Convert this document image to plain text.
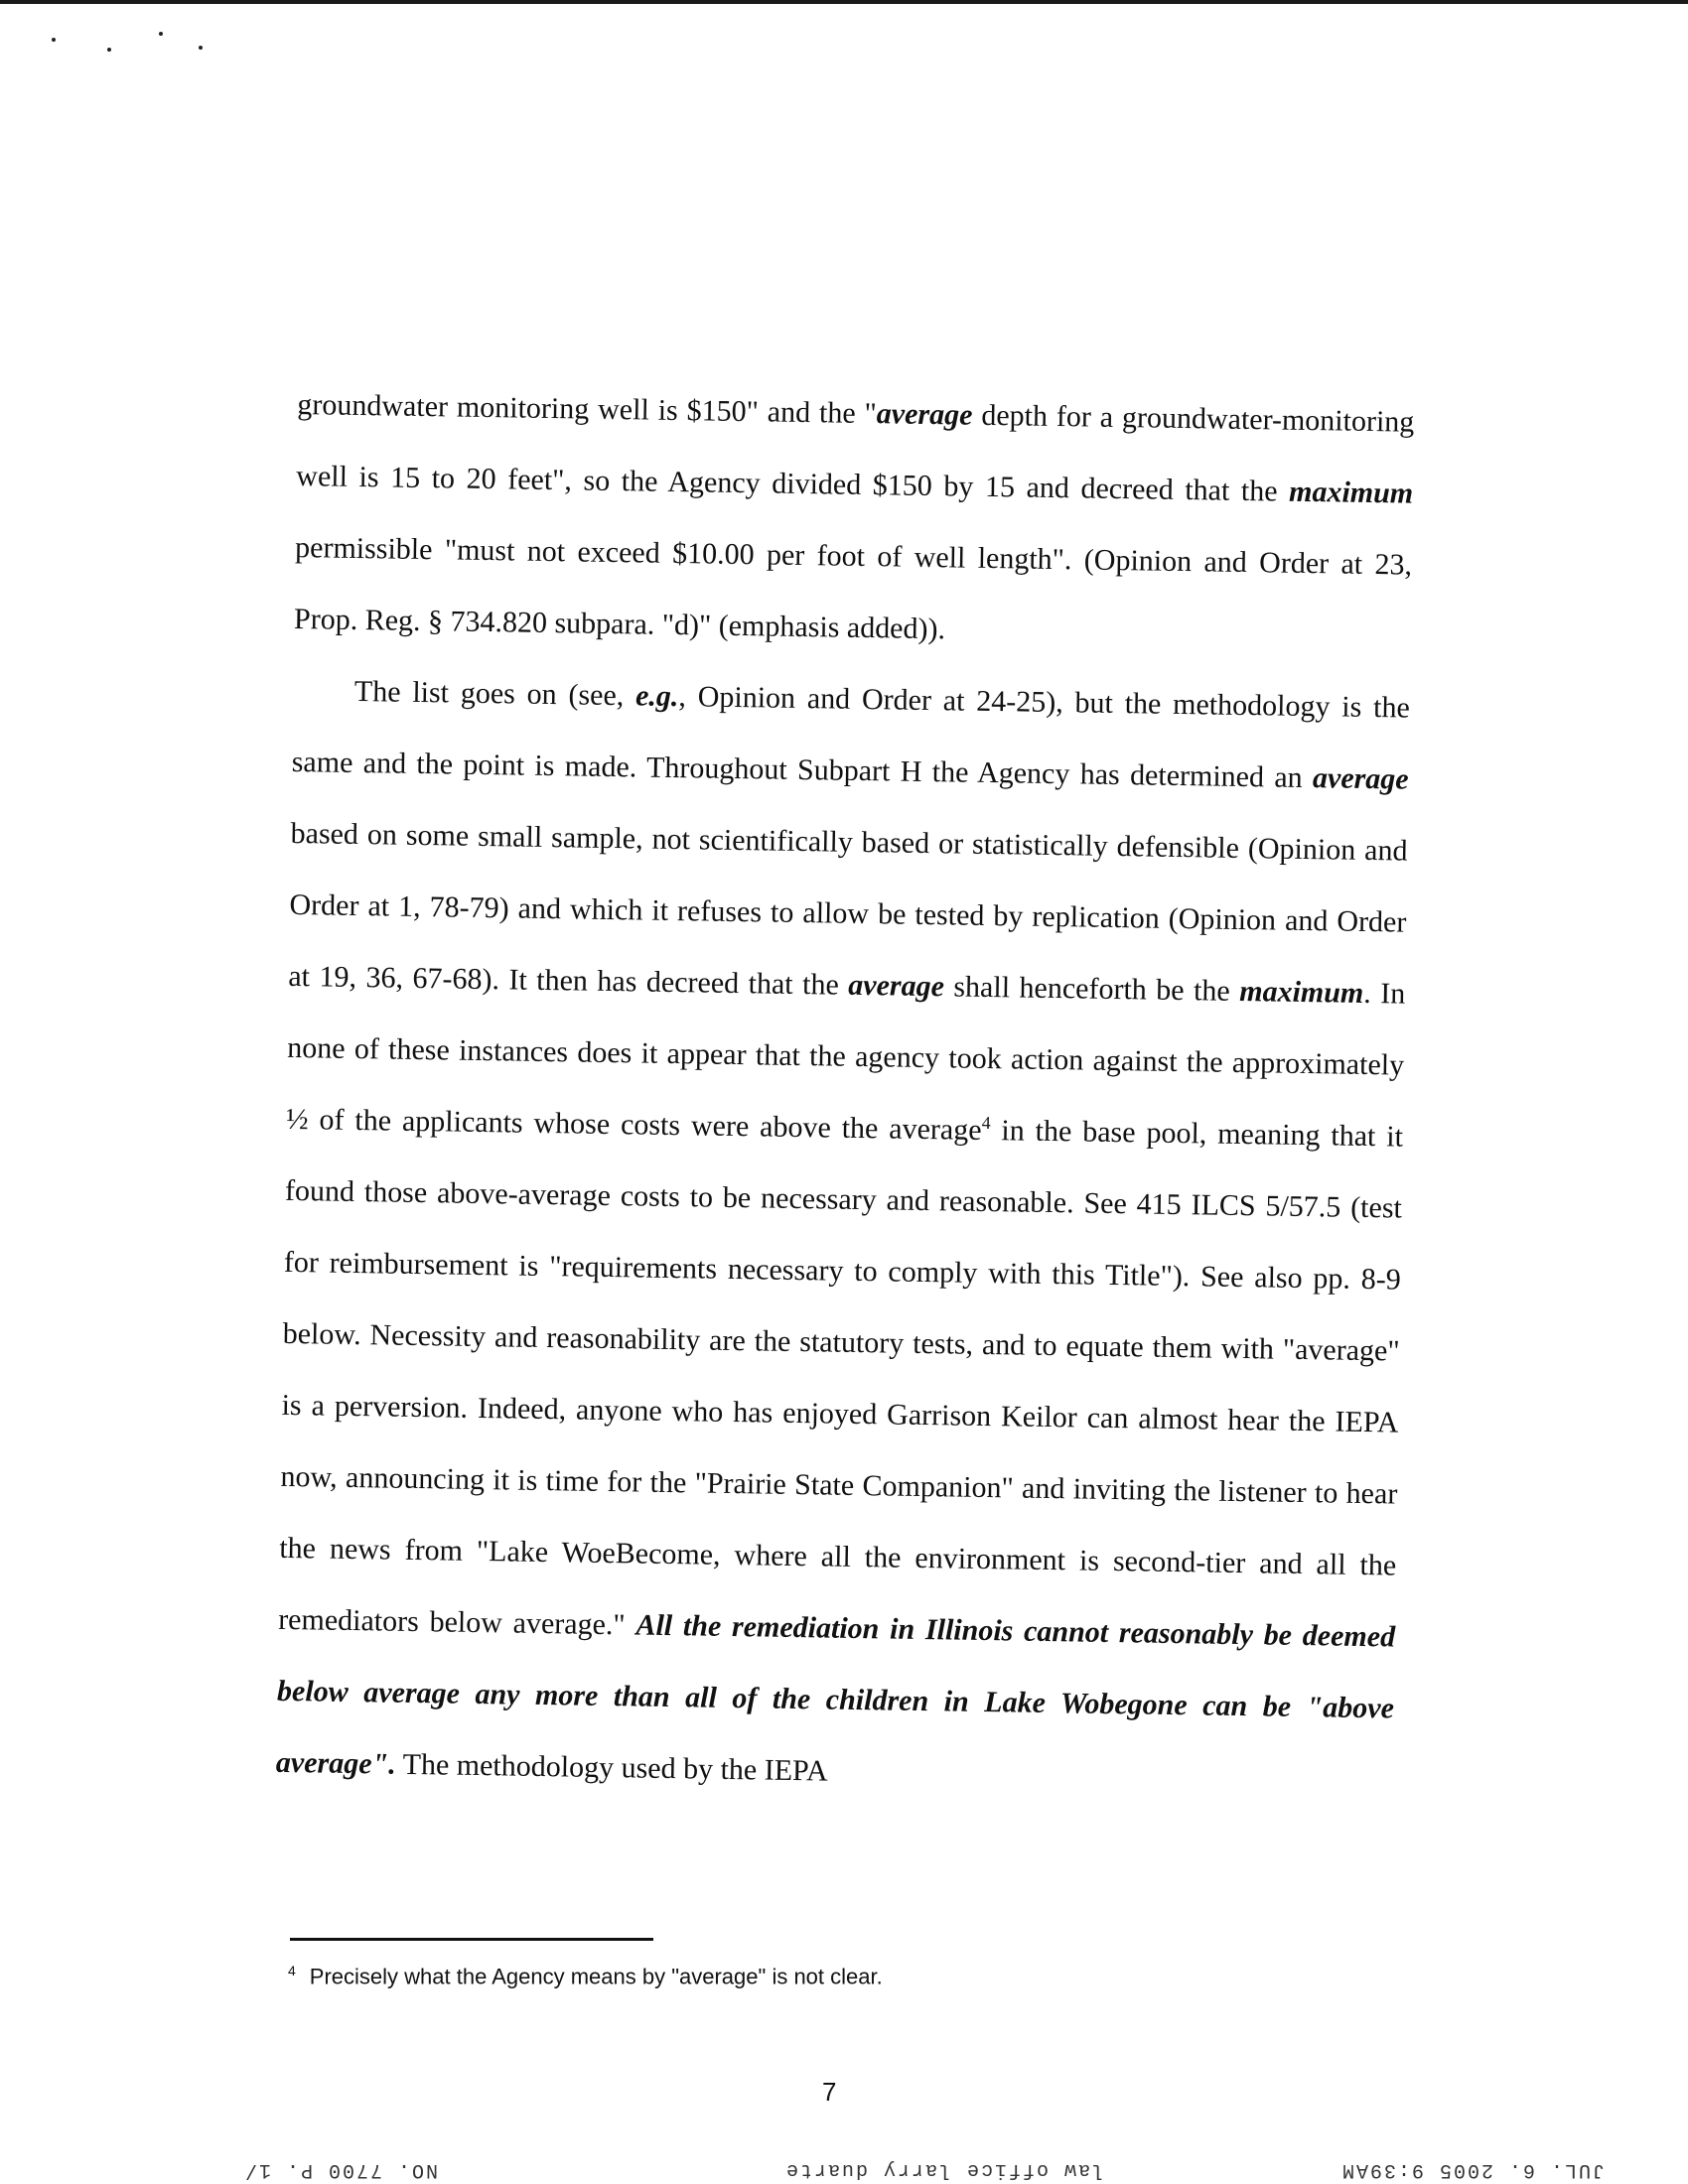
groundwater monitoring well is $150" and the "average depth for a groundwater-monitoring well is 15 to 20 feet", so the Agency divided $150 by 15 and decreed that the maximum permissible "must not exceed $10.00 per foot of well length". (Opinion and Order at 23, Prop. Reg. § 734.820 subpara. "d)" (emphasis added)).

The list goes on (see, e.g., Opinion and Order at 24-25), but the methodology is the same and the point is made. Throughout Subpart H the Agency has determined an average based on some small sample, not scientifically based or statistically defensible (Opinion and Order at 1, 78-79) and which it refuses to allow be tested by replication (Opinion and Order at 19, 36, 67-68). It then has decreed that the average shall henceforth be the maximum. In none of these instances does it appear that the agency took action against the approximately ½ of the applicants whose costs were above the average$^4$ in the base pool, meaning that it found those above-average costs to be necessary and reasonable. See 415 ILCS 5/57.5 (test for reimbursement is "requirements necessary to comply with this Title"). See also pp. 8-9 below. Necessity and reasonability are the statutory tests, and to equate them with "average" is a perversion. Indeed, anyone who has enjoyed Garrison Keilor can almost hear the IEPA now, announcing it is time for the "Prairie State Companion" and inviting the listener to hear the news from "Lake WoeBecome, where all the environment is second-tier and all the remediators below average." All the remediation in Illinois cannot reasonably be deemed below average any more than all of the children in Lake Wobegone can be "above average". The methodology used by the IEPA

$^4$ Precisely what the Agency means by "average" is not clear.
7
NO. 7700 P. 1/	law office larry duarte	JUL. 6. 2005 9:39AM
